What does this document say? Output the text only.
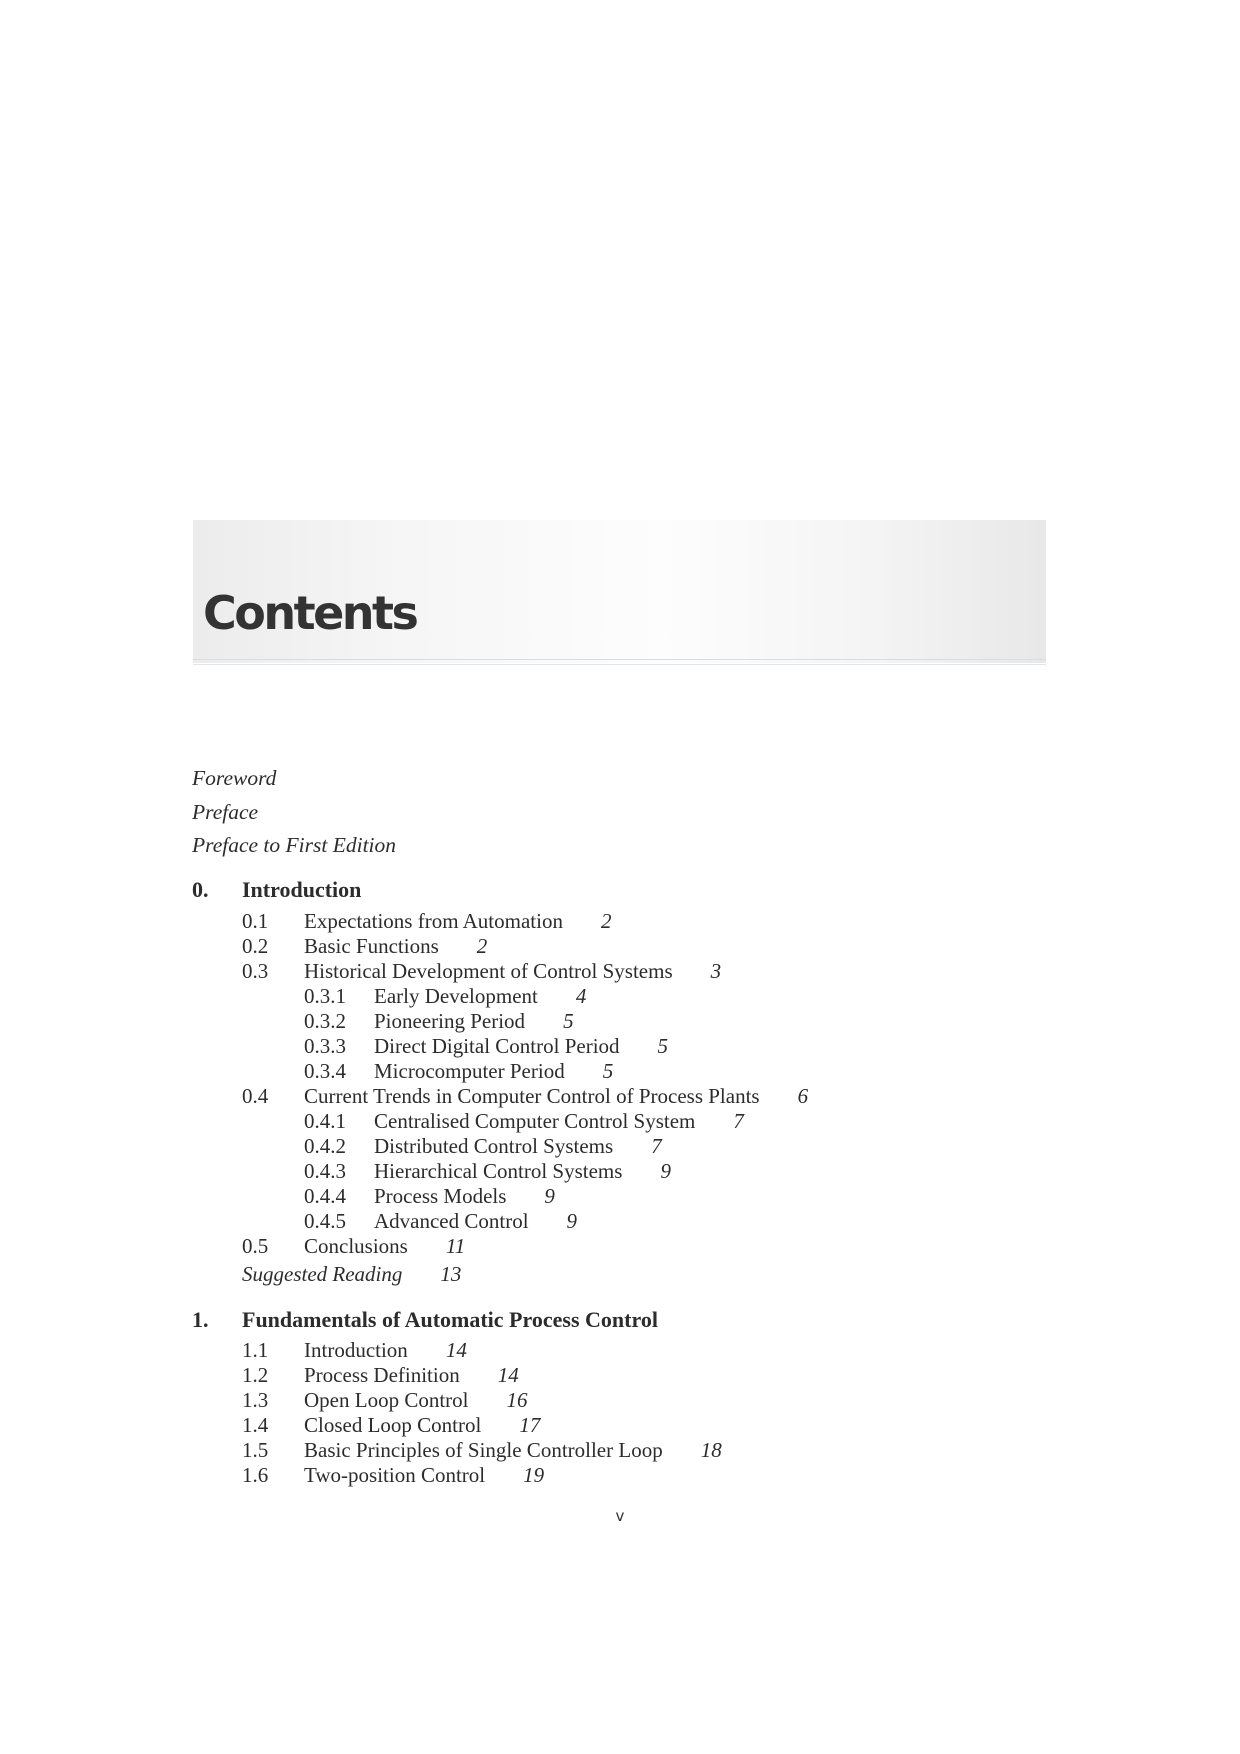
Contents
Foreword
Preface
Preface to First Edition
0. Introduction
0.1 Expectations from Automation 2
0.2 Basic Functions 2
0.3 Historical Development of Control Systems 3
0.3.1 Early Development 4
0.3.2 Pioneering Period 5
0.3.3 Direct Digital Control Period 5
0.3.4 Microcomputer Period 5
0.4 Current Trends in Computer Control of Process Plants 6
0.4.1 Centralised Computer Control System 7
0.4.2 Distributed Control Systems 7
0.4.3 Hierarchical Control Systems 9
0.4.4 Process Models 9
0.4.5 Advanced Control 9
0.5 Conclusions 11
Suggested Reading 13
1. Fundamentals of Automatic Process Control
1.1 Introduction 14
1.2 Process Definition 14
1.3 Open Loop Control 16
1.4 Closed Loop Control 17
1.5 Basic Principles of Single Controller Loop 18
1.6 Two-position Control 19
v
